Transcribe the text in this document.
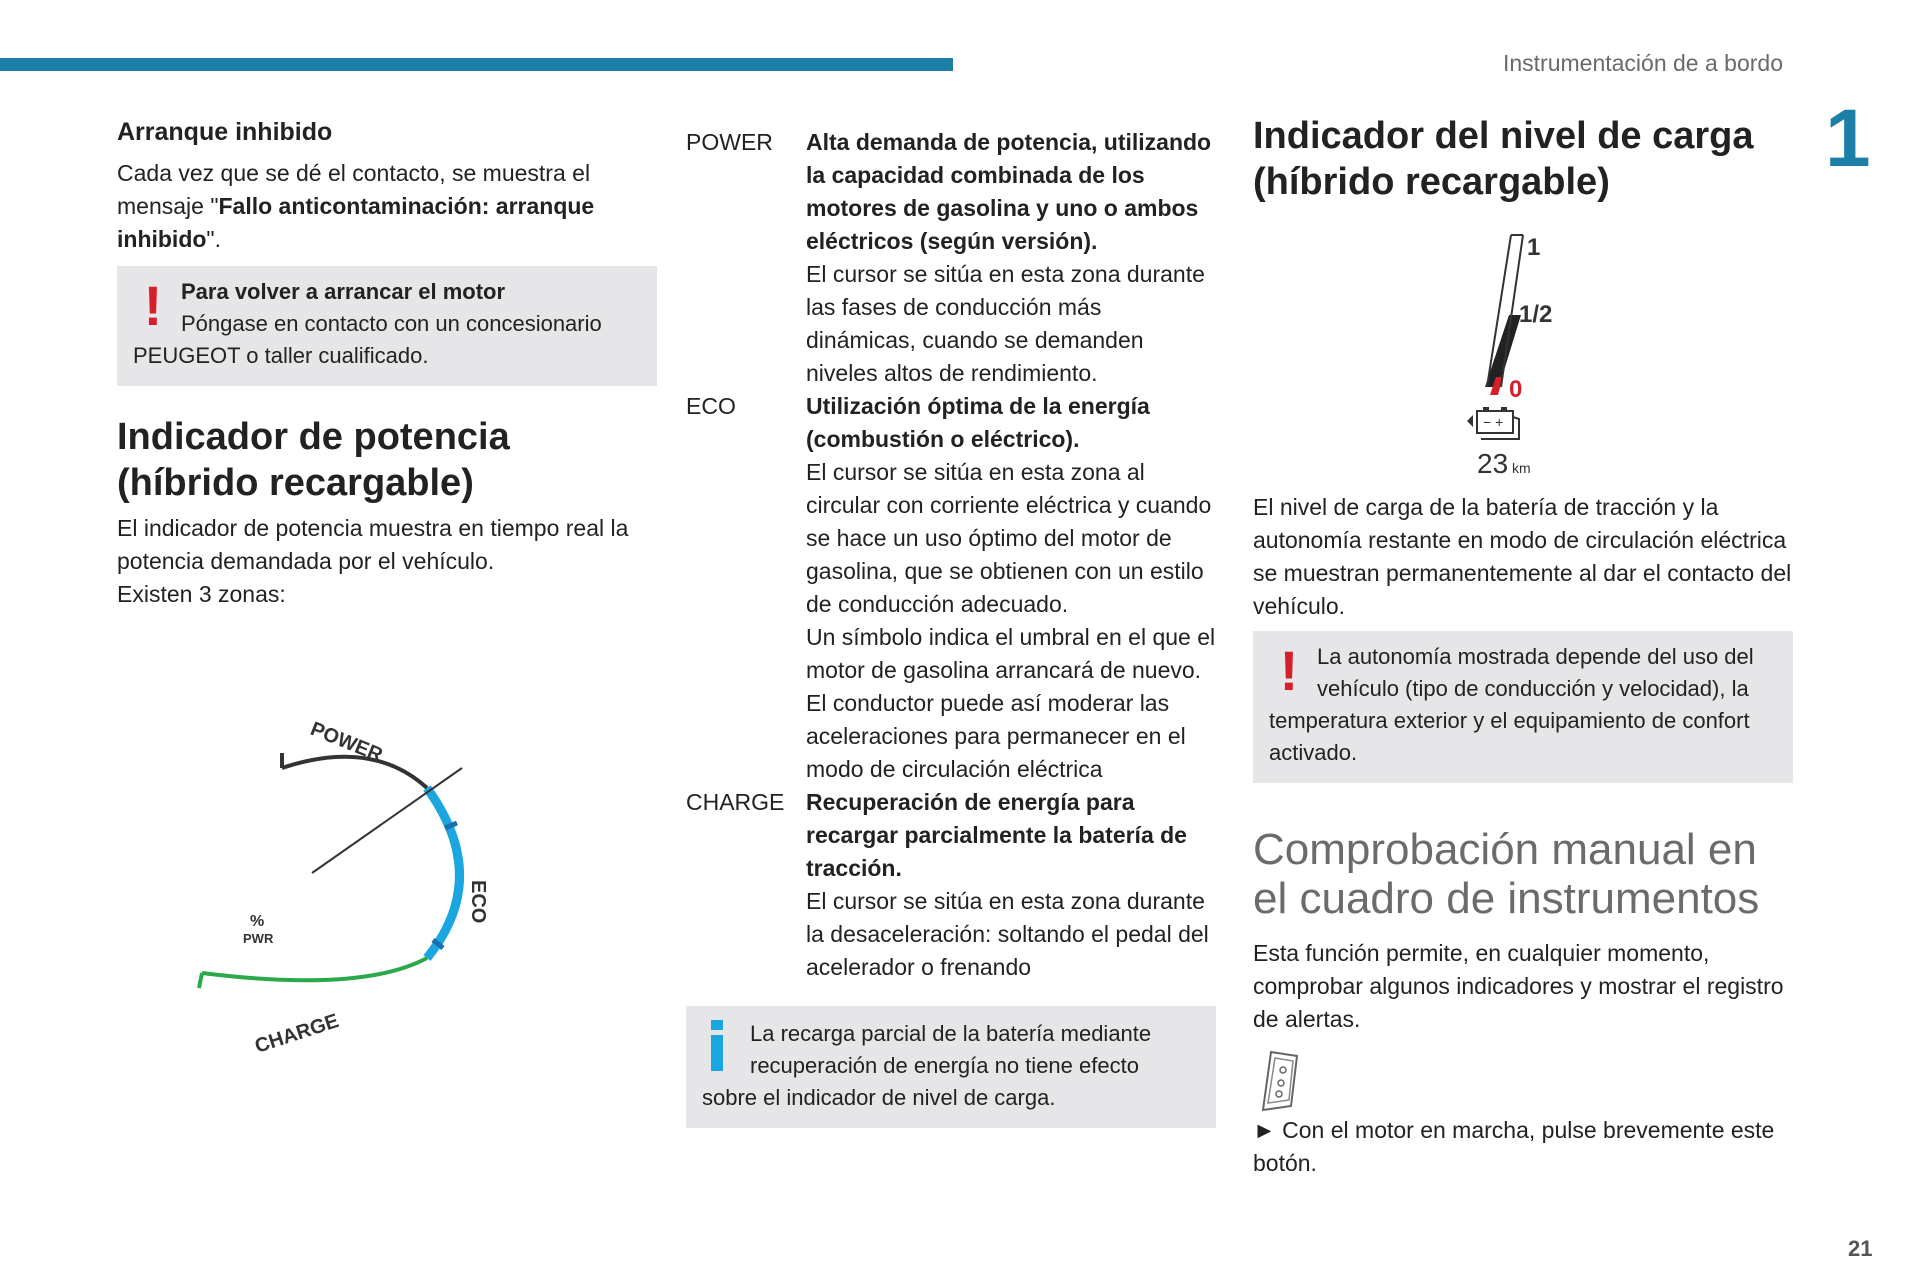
Instrumentación de a bordo
1
21
Arranque inhibido

Cada vez que se dé el contacto, se muestra el mensaje "Fallo anticontaminación: arranque inhibido".

! Para volver a arrancar el motor

Póngase en contacto con un concesionario PEUGEOT o taller cualificado.

Indicador de potencia (híbrido recargable)

El indicador de potencia muestra en tiempo real la potencia demandada por el vehículo.

Existen 3 zonas:

POWER
ECO
CHARGE
%
PWR
POWER	Alta demanda de potencia, utilizando la capacidad combinada de los motores de gasolina y uno o ambos eléctricos (según versión).

El cursor se sitúa en esta zona durante las fases de conducción más dinámicas, cuando se demanden niveles altos de rendimiento.

ECO	Utilización óptima de la energía (combustión o eléctrico).

El cursor se sitúa en esta zona al circular con corriente eléctrica y cuando se hace un uso óptimo del motor de gasolina, que se obtienen con un estilo de conducción adecuado.

Un símbolo indica el umbral en el que el motor de gasolina arrancará de nuevo. El conductor puede así moderar las aceleraciones para permanecer en el modo de circulación eléctrica

CHARGE Recuperación de energía para recargar parcialmente la batería de tracción.

El cursor se sitúa en esta zona durante la desaceleración: soltando el pedal del acelerador o frenando

La recarga parcial de la batería mediante recuperación de energía no tiene efecto sobre el indicador de nivel de carga.

Indicador del nivel de carga (híbrido recargable)
1
1/2
0
− +
23 km

El nivel de carga de la batería de tracción y la autonomía restante en modo de circulación eléctrica se muestran permanentemente al dar el contacto del vehículo.

! La autonomía mostrada depende del uso del vehículo (tipo de conducción y velocidad), la temperatura exterior y el equipamiento de confort activado.

Comprobación manual en el cuadro de instrumentos

Esta función permite, en cualquier momento, comprobar algunos indicadores y mostrar el registro de alertas.

► Con el motor en marcha, pulse brevemente este botón.
